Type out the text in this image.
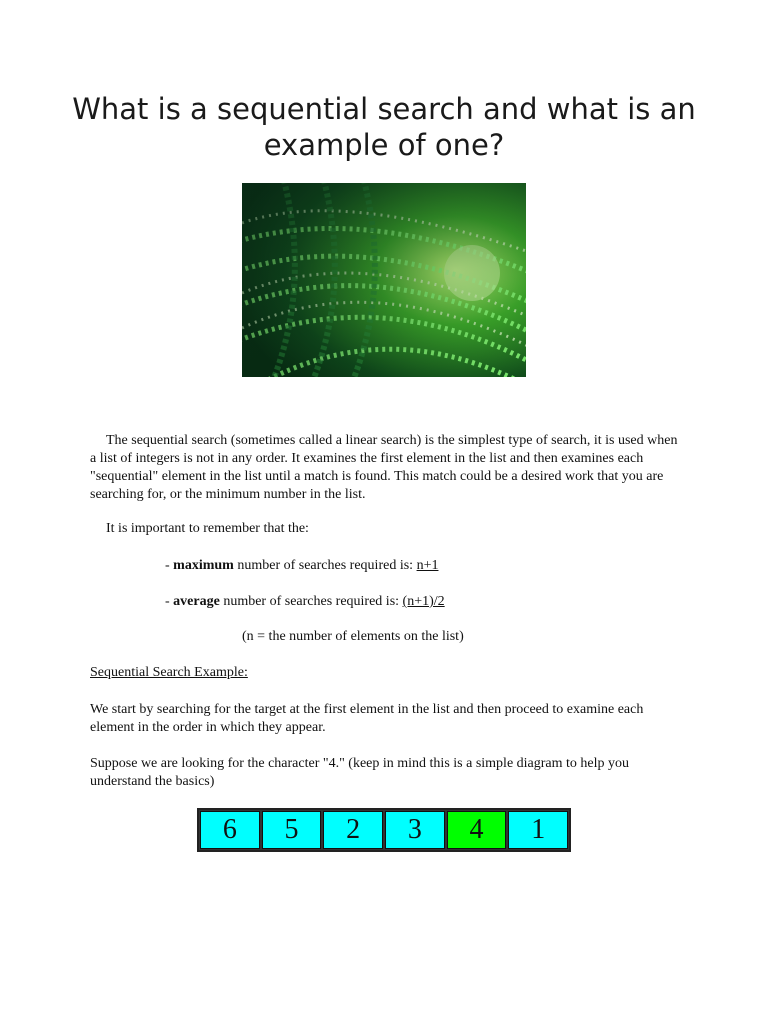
What is a sequential search and what is an example of one?

The sequential search (sometimes called a linear search) is the simplest type of search, it is used when a list of integers is not in any order. It examines the first element in the list and then examines each "sequential" element in the list until a match is found. This match could be a desired work that you are searching for, or the minimum number in the list.

It is important to remember that the:

- maximum number of searches required is: n+1

- average number of searches required is: (n+1)/2

(n = the number of elements on the list)

Sequential Search Example:

We start by searching for the target at the first element in the list and then proceed to examine each element in the order in which they appear.

Suppose we are looking for the character "4." (keep in mind this is a simple diagram to help you understand the basics)

6	5	2	3	4	1
